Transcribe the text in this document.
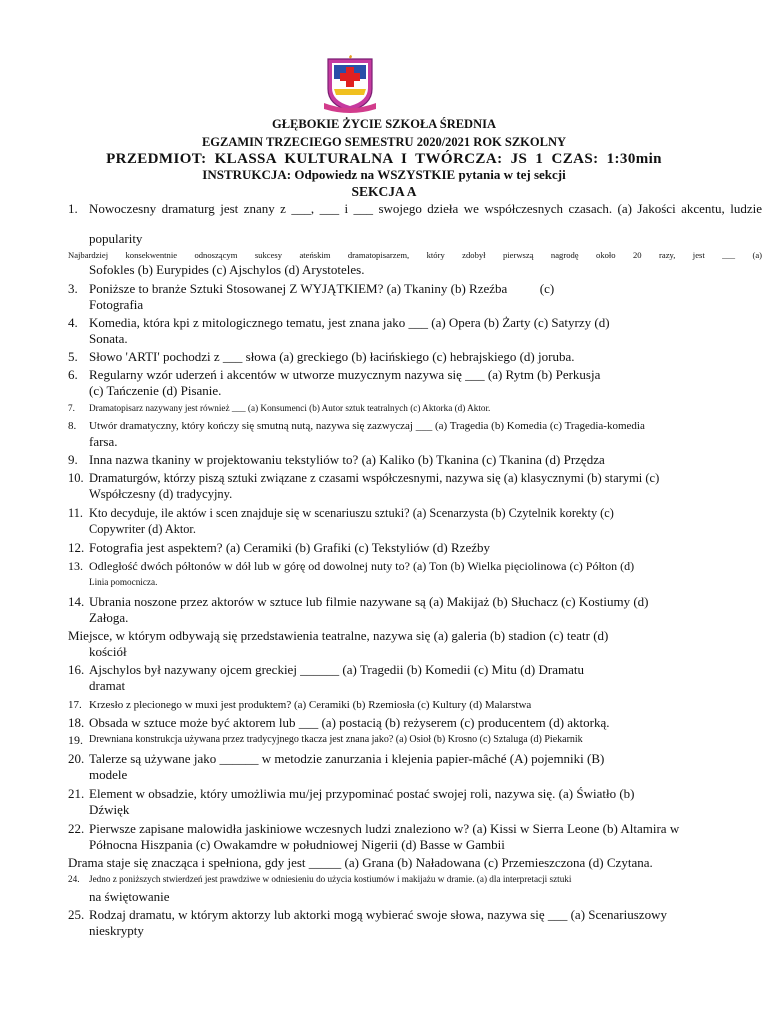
GŁĘBOKIE ŻYCIE SZKOŁA ŚREDNIA
EGZAMIN TRZECIEGO SEMESTRU 2020/2021 ROK SZKOLNY
PRZEDMIOT: KLASSA KULTURALNA I TWÓRCZA: JS 1 CZAS: 1:30min
INSTRUKCJA: Odpowiedz na WSZYSTKIE pytania w tej sekcji
SEKCJA A
1. Nowoczesny dramaturg jest znany z ___, ___ i ___ swojego dzieła we współczesnych czasach. (a) Jakości akcentu, ludzie
popularity
Najbardziej konsekwentnie odnoszącym sukcesy ateńskim dramatopisarzem, który zdobył pierwszą nagrodę około 20 razy, jest ___ (a)
Sofokles (b) Eurypides (c) Ajschylos (d) Arystoteles.
3. Poniższe to branże Sztuki Stosowanej Z WYJĄTKIEM? (a) Tkaniny (b) Rzeźba          (c)
Fotografia
4. Komedia, która kpi z mitologicznego tematu, jest znana jako ___ (a) Opera (b) Żarty (c) Satyrzy (d)
Sonata.
5. Słowo 'ARTI' pochodzi z ___ słowa (a) greckiego (b) łacińskiego (c) hebrajskiego (d) joruba.
6. Regularny wzór uderzeń i akcentów w utworze muzycznym nazywa się ___ (a) Rytm (b) Perkusja
(c) Tańczenie (d) Pisanie.
7. Dramatopisarz nazywany jest również ___ (a) Konsumenci (b) Autor sztuk teatralnych (c) Aktorka (d) Aktor.
8. Utwór dramatyczny, który kończy się smutną nutą, nazywa się zazwyczaj ___ (a) Tragedia (b) Komedia (c) Tragedia-komedia
farsa.
9. Inna nazwa tkaniny w projektowaniu tekstyliów to? (a) Kaliko (b) Tkanina (c) Tkanina (d) Przędza
10. Dramaturgów, którzy piszą sztuki związane z czasami współczesnymi, nazywa się (a) klasycznymi (b) starymi (c)
Współczesny (d) tradycyjny.
11. Kto decyduje, ile aktów i scen znajduje się w scenariuszu sztuki? (a) Scenarzysta (b) Czytelnik korekty (c)
Copywriter (d) Aktor.
12. Fotografia jest aspektem? (a) Ceramiki (b) Grafiki (c) Tekstyliów (d) Rzeźby
13. Odległość dwóch półtonów w dół lub w górę od dowolnej nuty to? (a) Ton (b) Wielka pięciolinowa (c) Półton (d)
Linia pomocnicza.
14. Ubrania noszone przez aktorów w sztuce lub filmie nazywane są (a) Makijaż (b) Słuchacz (c) Kostiumy (d)
Załoga.
Miejsce, w którym odbywają się przedstawienia teatralne, nazywa się (a) galeria (b) stadion (c) teatr (d)
kościół
16. Ajschylos był nazywany ojcem greckiej ______ (a) Tragedii (b) Komedii (c) Mitu (d) Dramatu
dramat
17. Krzesło z plecionego w muxi jest produktem? (a) Ceramiki (b) Rzemiosła (c) Kultury (d) Malarstwa
18. Obsada w sztuce może być aktorem lub ___ (a) postacią (b) reżyserem (c) producentem (d) aktorką.
19. Drewniana konstrukcja używana przez tradycyjnego tkacza jest znana jako? (a) Osioł (b) Krosno (c) Sztaluga (d) Piekarnik
20. Talerze są używane jako ______ w metodzie zanurzania i klejenia papier-mâché (A) pojemniki (B)
modele
21. Element w obsadzie, który umożliwia mu/jej przypominać postać swojej roli, nazywa się. (a) Światło (b)
Dźwięk
22. Pierwsze zapisane malowidła jaskiniowe wczesnych ludzi znaleziono w? (a) Kissi w Sierra Leone (b) Altamira w
Północna Hiszpania (c) Owakamdre w południowej Nigerii (d) Basse w Gambii
Drama staje się znacząca i spełniona, gdy jest _____ (a) Grana (b) Naładowana (c) Przemieszczona (d) Czytana.
24. Jedno z poniższych stwierdzeń jest prawdziwe w odniesieniu do użycia kostiumów i makijażu w dramie. (a) dla interpretacji sztuki
na świętowanie
25. Rodzaj dramatu, w którym aktorzy lub aktorki mogą wybierać swoje słowa, nazywa się ___ (a) Scenariuszowy
nieskrypty
